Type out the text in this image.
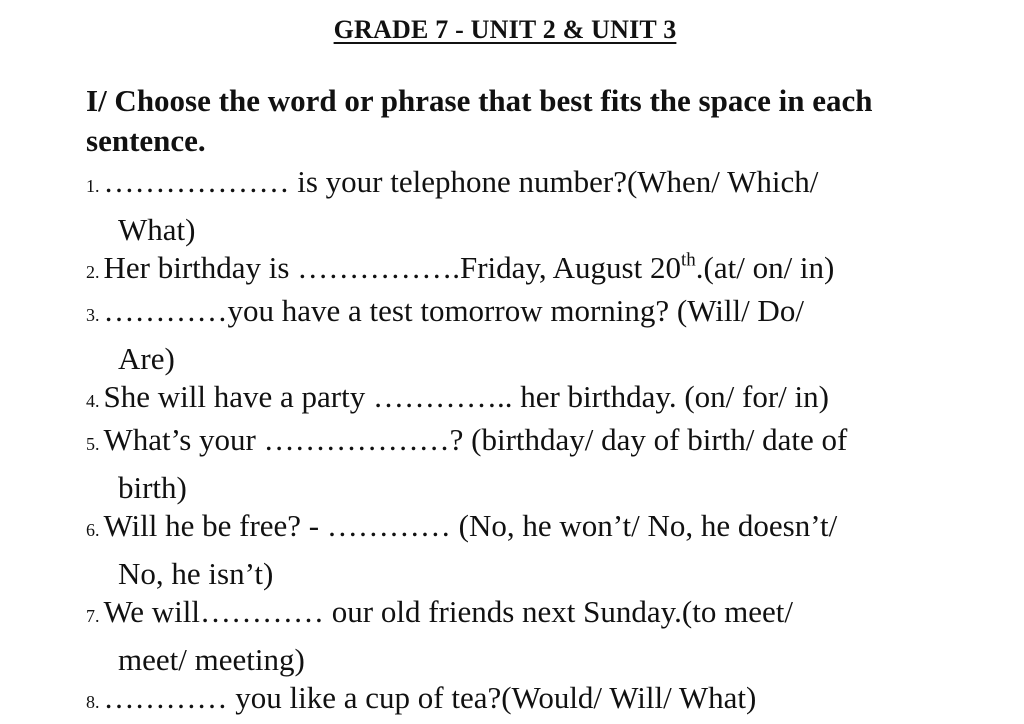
GRADE 7 - UNIT 2 & UNIT 3
I/ Choose the word or phrase that best fits the space in each
sentence.
1. ……………… is your telephone number?(When/ Which/
What)
2. Her birthday is …………….Friday, August 20th.(at/ on/ in)
3. …………you have a test tomorrow morning? (Will/ Do/
Are)
4. She will have a party ………….. her birthday. (on/ for/ in)
5. What’s your ………………? (birthday/ day of birth/ date of
birth)
6. Will he be free? - ………… (No, he won’t/ No, he doesn’t/
No, he isn’t)
7. We will………… our old friends next Sunday.(to meet/
meet/ meeting)
8. ………… you like a cup of tea?(Would/ Will/ What)
